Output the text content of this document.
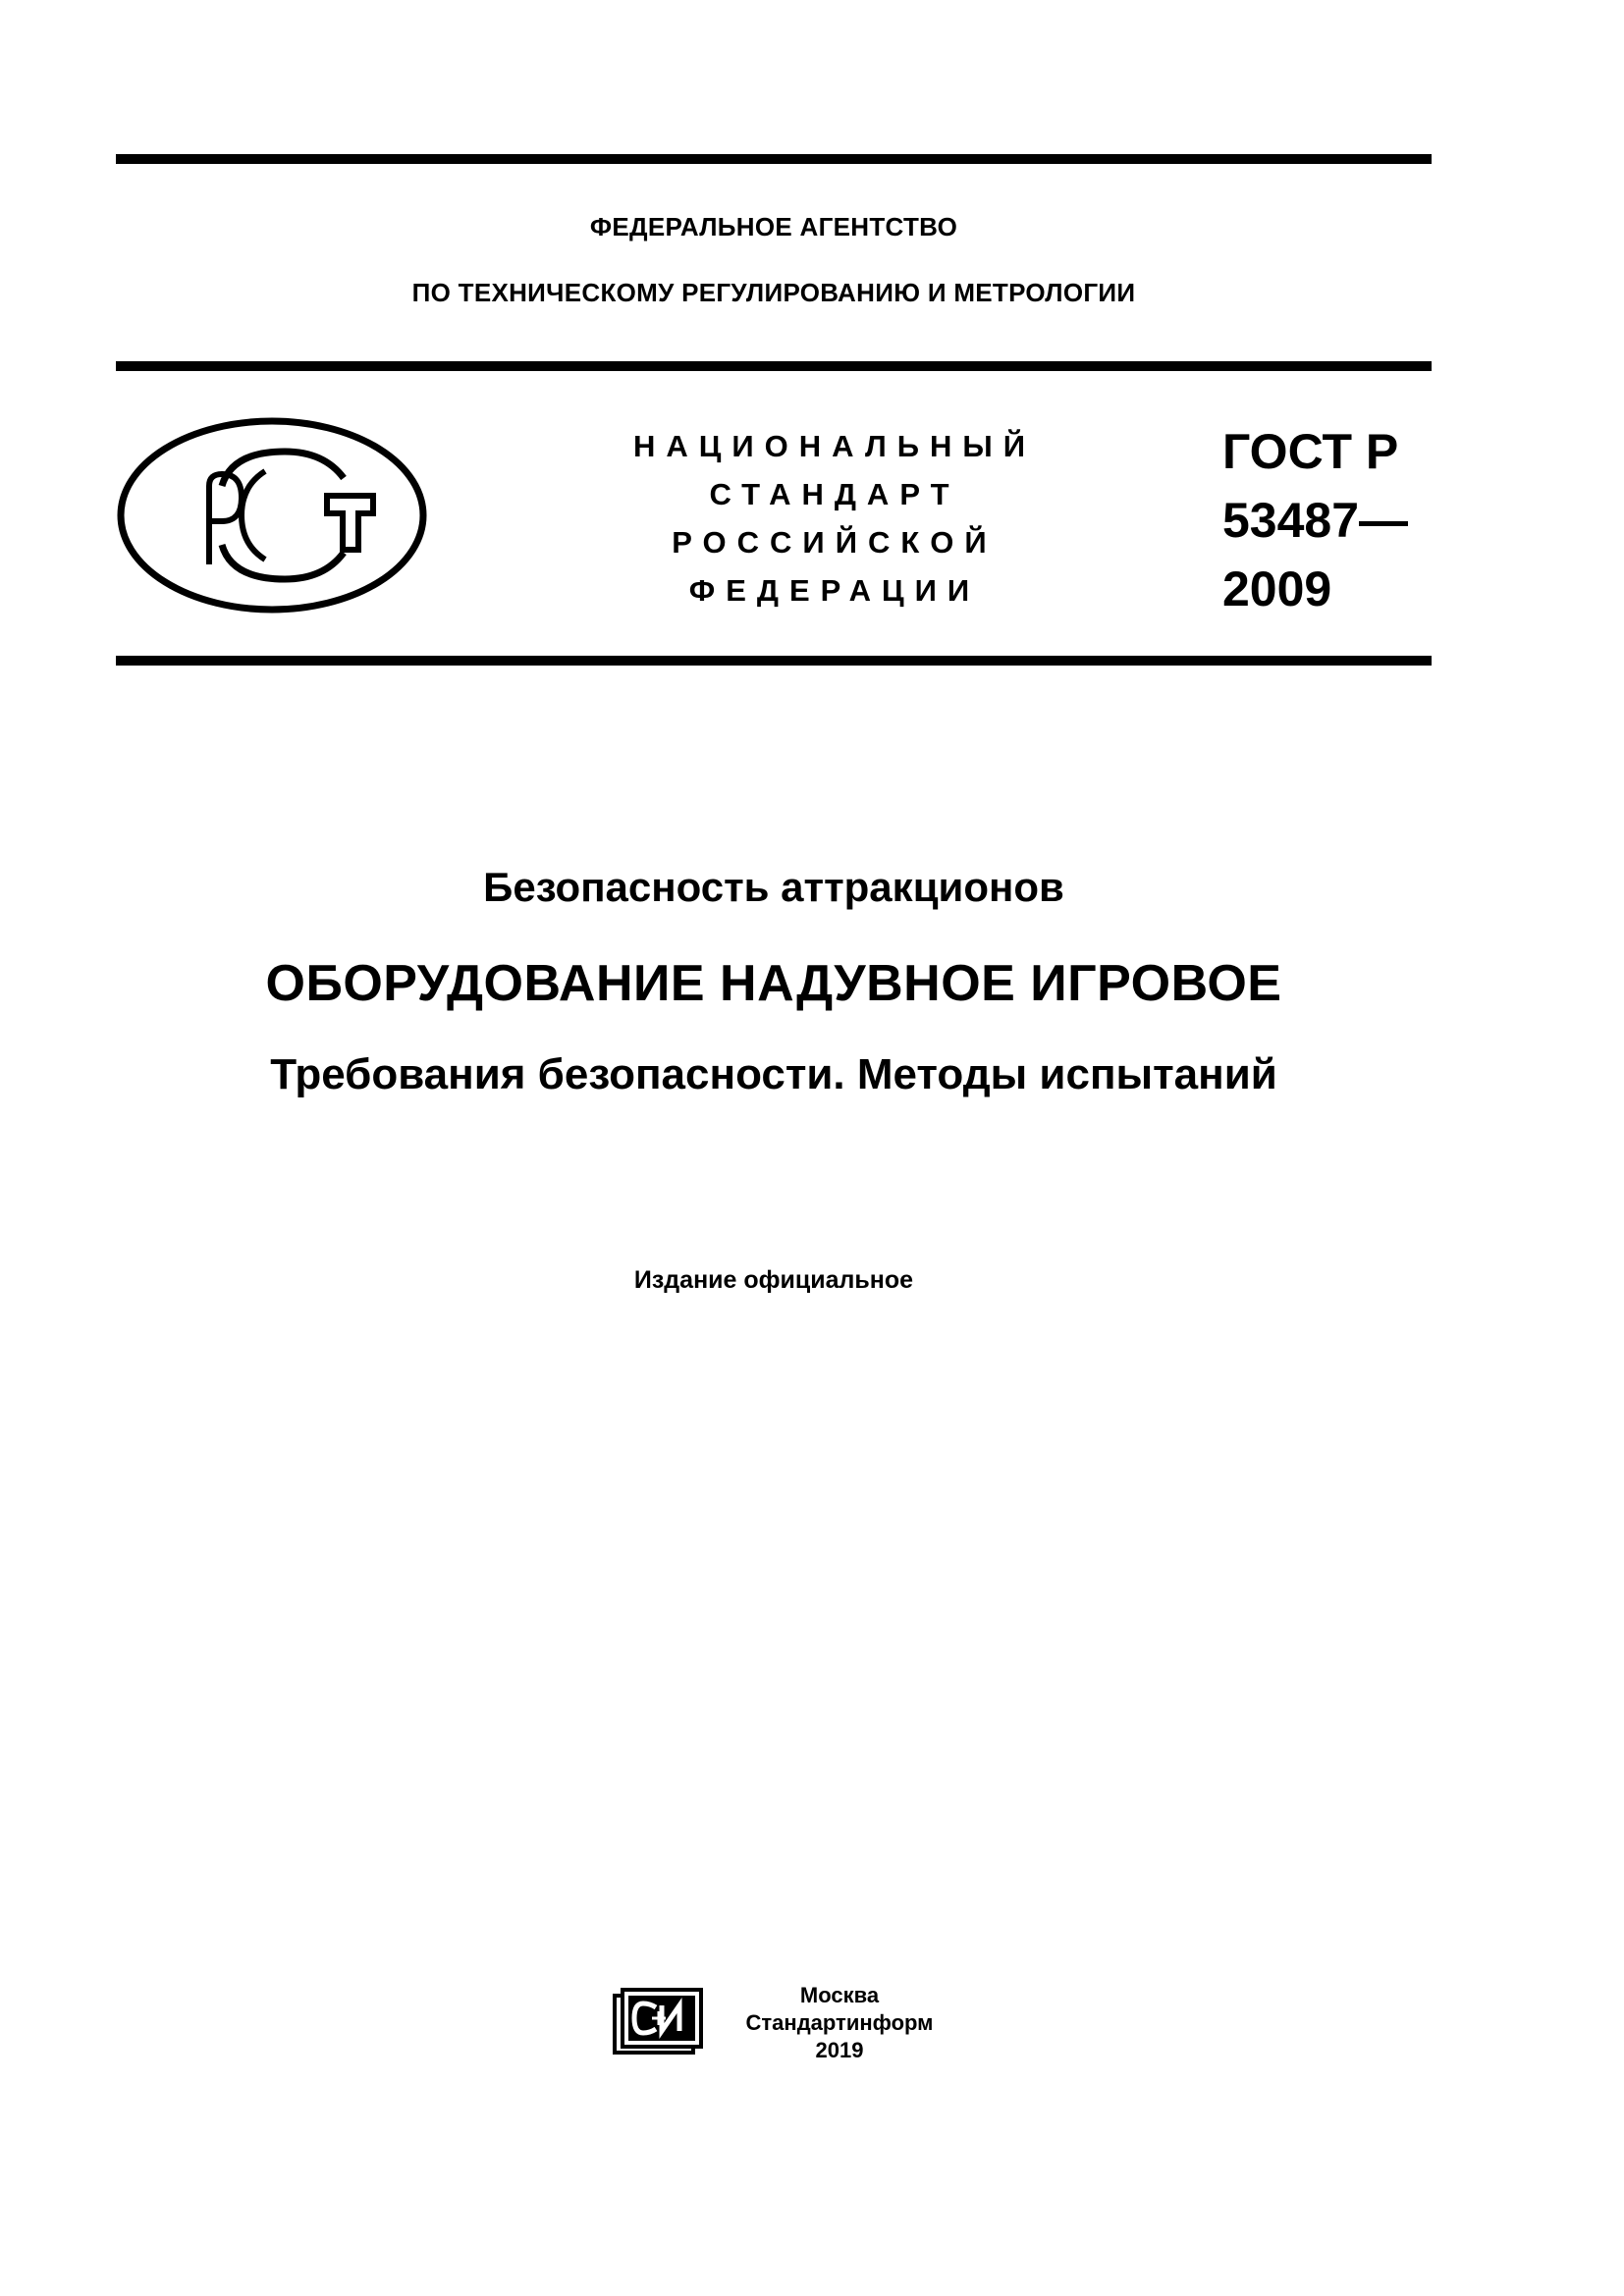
ФЕДЕРАЛЬНОЕ АГЕНТСТВО
ПО ТЕХНИЧЕСКОМУ РЕГУЛИРОВАНИЮ И МЕТРОЛОГИИ
НАЦИОНАЛЬНЫЙ
СТАНДАРТ
РОССИЙСКОЙ
ФЕДЕРАЦИИ
ГОСТ Р
53487—
2009
Безопасность аттракционов
ОБОРУДОВАНИЕ НАДУВНОЕ ИГРОВОЕ
Требования безопасности. Методы испытаний
Издание официальное
Москва
Стандартинформ
2019
